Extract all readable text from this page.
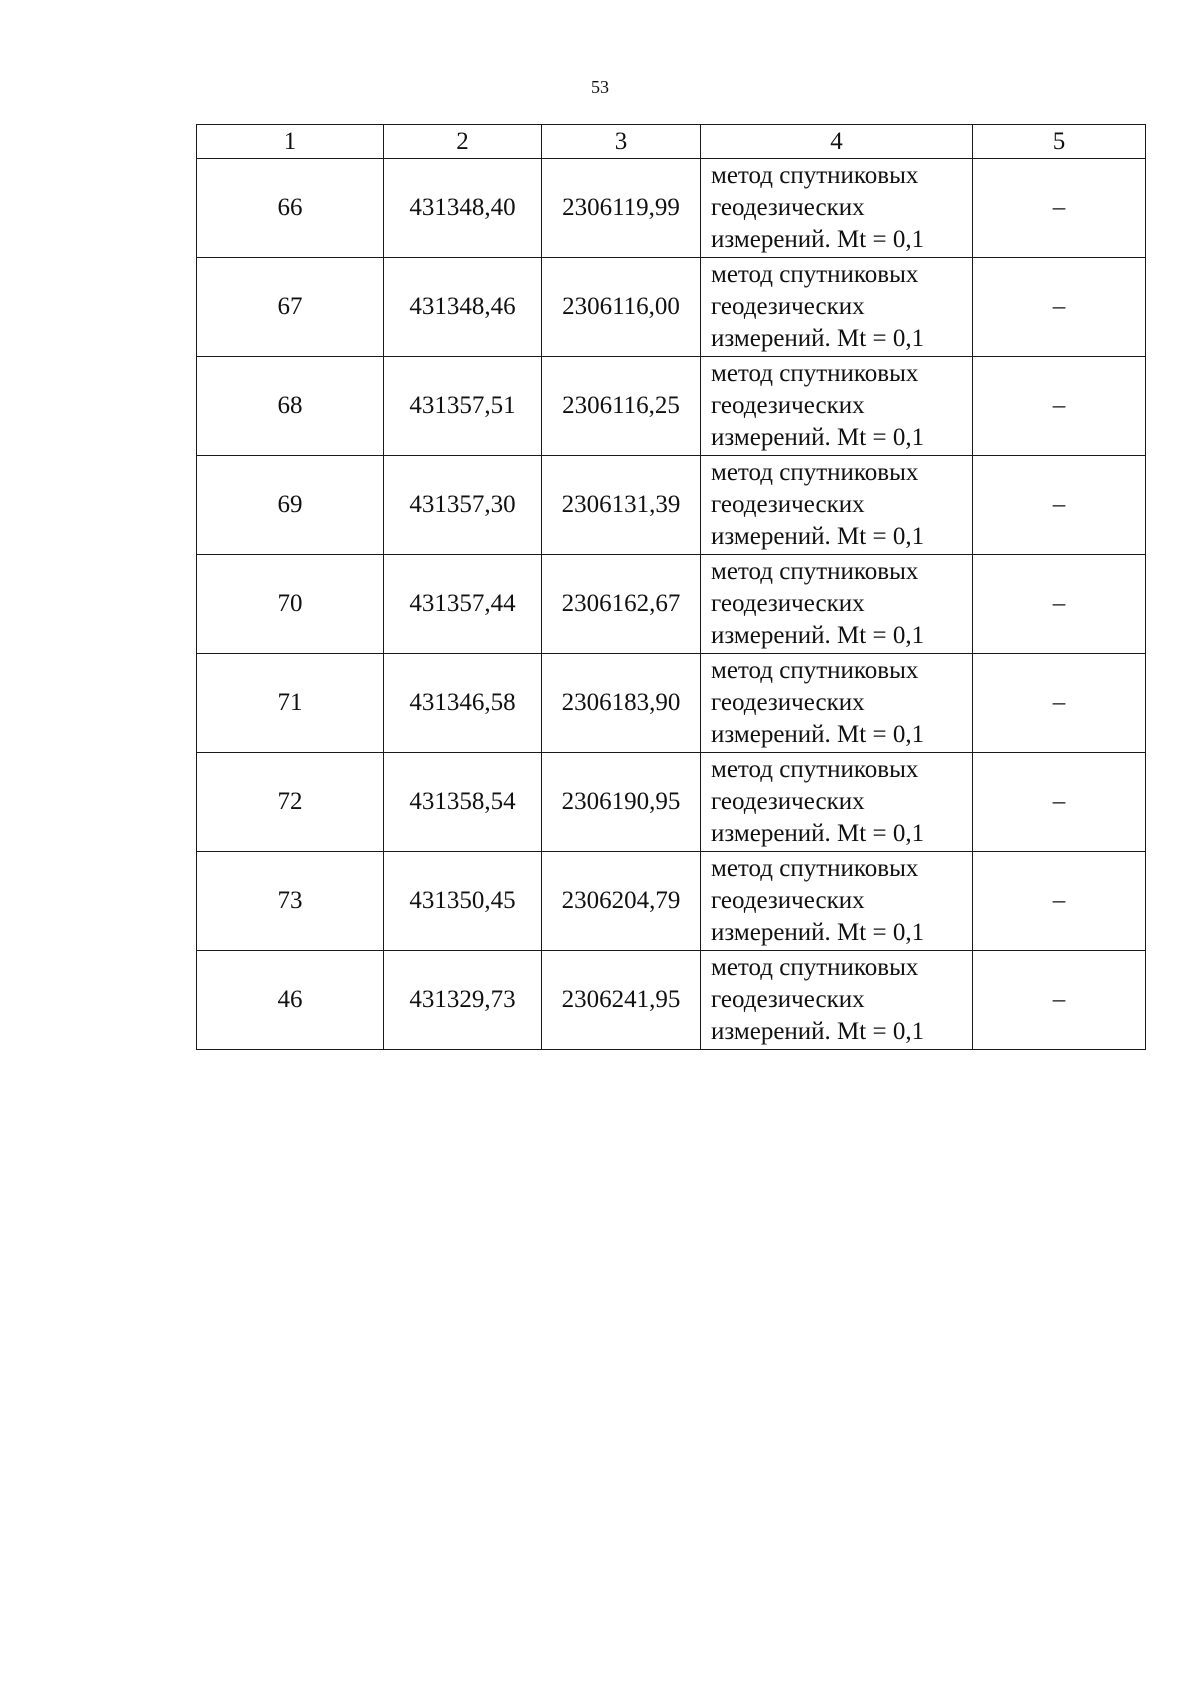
53
1	2	3	4	5
66	431348,40	2306119,99	метод спутниковых
геодезических
измерений. Mt = 0,1	–
67	431348,46	2306116,00	метод спутниковых
геодезических
измерений. Mt = 0,1	–
68	431357,51	2306116,25	метод спутниковых
геодезических
измерений. Mt = 0,1	–
69	431357,30	2306131,39	метод спутниковых
геодезических
измерений. Mt = 0,1	–
70	431357,44	2306162,67	метод спутниковых
геодезических
измерений. Mt = 0,1	–
71	431346,58	2306183,90	метод спутниковых
геодезических
измерений. Mt = 0,1	–
72	431358,54	2306190,95	метод спутниковых
геодезических
измерений. Mt = 0,1	–
73	431350,45	2306204,79	метод спутниковых
геодезических
измерений. Mt = 0,1	–
46	431329,73	2306241,95	метод спутниковых
геодезических
измерений. Mt = 0,1	–
